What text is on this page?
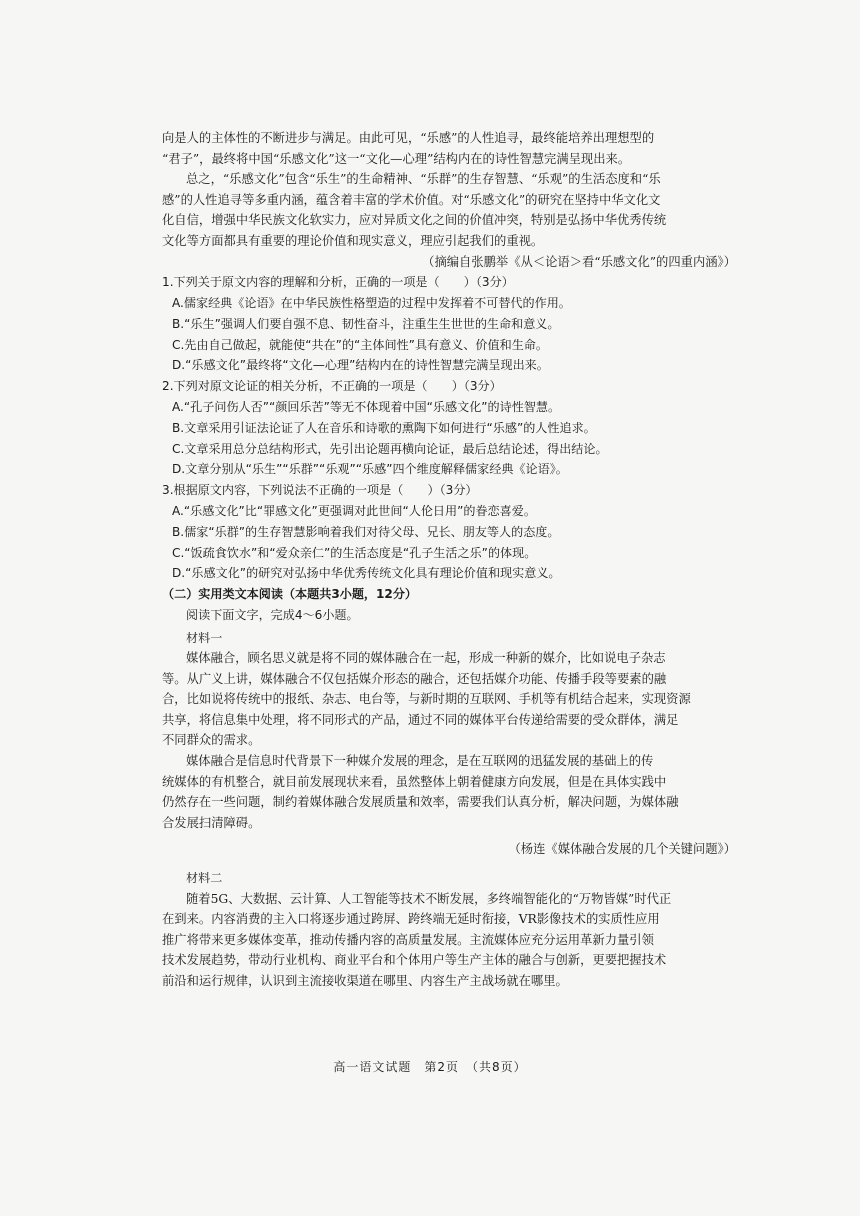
向是人的主体性的不断进步与满足。由此可见，“乐感”的人性追寻，最终能培养出理想型的
“君子”，最终将中国“乐感文化”这一“文化—心理”结构内在的诗性智慧完满呈现出来。
总之，“乐感文化”包含“乐生”的生命精神、“乐群”的生存智慧、“乐观”的生活态度和“乐
感”的人性追寻等多重内涵，蕴含着丰富的学术价值。对“乐感文化”的研究在坚持中华文化文
化自信，增强中华民族文化软实力，应对异质文化之间的价值冲突，特别是弘扬中华优秀传统
文化等方面都具有重要的理论价值和现实意义，理应引起我们的重视。
（摘编自张鹏举《从＜论语＞看“乐感文化”的四重内涵》）
1.下列关于原文内容的理解和分析，正确的一项是（　　）（3分）
A.儒家经典《论语》在中华民族性格塑造的过程中发挥着不可替代的作用。
B.“乐生”强调人们要自强不息、韧性奋斗，注重生生世世的生命和意义。
C.先由自己做起，就能使“共在”的“主体间性”具有意义、价值和生命。
D.“乐感文化”最终将“文化—心理”结构内在的诗性智慧完满呈现出来。
2.下列对原文论证的相关分析，不正确的一项是（　　）（3分）
A.“孔子问伤人否”“颜回乐苦”等无不体现着中国“乐感文化”的诗性智慧。
B.文章采用引证法论证了人在音乐和诗歌的熏陶下如何进行“乐感”的人性追求。
C.文章采用总分总结构形式，先引出论题再横向论证，最后总结论述，得出结论。
D.文章分别从“乐生”“乐群”“乐观”“乐感”四个维度解释儒家经典《论语》。
3.根据原文内容，下列说法不正确的一项是（　　）（3分）
A.“乐感文化”比“罪感文化”更强调对此世间“人伦日用”的眷恋喜爱。
B.儒家“乐群”的生存智慧影响着我们对待父母、兄长、朋友等人的态度。
C.“饭疏食饮水”和“爱众亲仁”的生活态度是“孔子生活之乐”的体现。
D.“乐感文化”的研究对弘扬中华优秀传统文化具有理论价值和现实意义。
（二）实用类文本阅读（本题共3小题，12分）
阅读下面文字，完成4～6小题。
材料一
媒体融合，顾名思义就是将不同的媒体融合在一起，形成一种新的媒介，比如说电子杂志
等。从广义上讲，媒体融合不仅包括媒介形态的融合，还包括媒介功能、传播手段等要素的融
合，比如说将传统中的报纸、杂志、电台等，与新时期的互联网、手机等有机结合起来，实现资源
共享，将信息集中处理，将不同形式的产品，通过不同的媒体平台传递给需要的受众群体，满足
不同群众的需求。
媒体融合是信息时代背景下一种媒介发展的理念，是在互联网的迅猛发展的基础上的传
统媒体的有机整合，就目前发展现状来看，虽然整体上朝着健康方向发展，但是在具体实践中
仍然存在一些问题，制约着媒体融合发展质量和效率，需要我们认真分析，解决问题，为媒体融
合发展扫清障碍。
（杨连《媒体融合发展的几个关键问题》）
材料二
随着5G、大数据、云计算、人工智能等技术不断发展，多终端智能化的“万物皆媒”时代正
在到来。内容消费的主入口将逐步通过跨屏、跨终端无延时衔接，VR影像技术的实质性应用
推广将带来更多媒体变革，推动传播内容的高质量发展。主流媒体应充分运用革新力量引领
技术发展趋势，带动行业机构、商业平台和个体用户等生产主体的融合与创新，更要把握技术
前沿和运行规律，认识到主流接收渠道在哪里、内容生产主战场就在哪里。
高一语文试题　第2页　（共8页）
